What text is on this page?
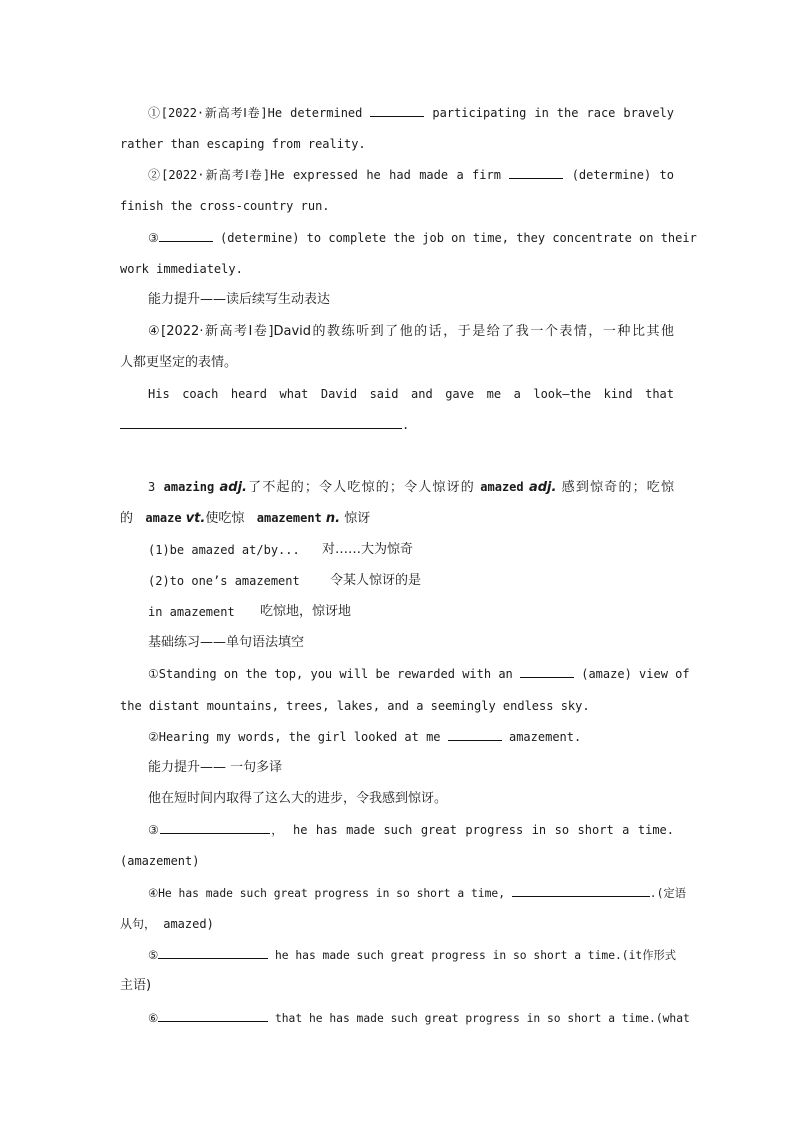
①[2022·新高考Ⅰ卷]He determined	participating in the race bravely
rather than escaping from reality.
②[2022·新高考Ⅰ卷]He expressed he had made a firm	(determine) to
finish the cross-country run.
③	(determine) to complete the job on time, they concentrate on their
work immediately.
能力提升——读后续写生动表达
④[2022·新高考Ⅰ卷]David的教练听到了他的话，于是给了我一个表情，一种比其他
人都更坚定的表情。
His coach heard what David said and gave me a look—the kind that
.
3 amazing adj.了不起的；令人吃惊的；令人惊讶的 amazed adj. 感到惊奇的；吃惊
的 amaze vt.使吃惊 amazement n. 惊讶
(1)be amazed at/by... 对……大为惊奇
(2)to one’s amazement 令某人惊讶的是
in amazement 吃惊地，惊讶地
基础练习——单句语法填空
①Standing on the top, you will be rewarded with an	(amaze) view of
the distant mountains, trees, lakes, and a seemingly endless sky.
②Hearing my words, the girl looked at me	amazement.
能力提升—— 一句多译
他在短时间内取得了这么大的进步，令我感到惊讶。
③	， he has made such great progress in so short a time.
(amazement)
④He has made such great progress in so short a time,	.(定语
从句， amazed)
⑤	he has made such great progress in so short a time.(it作形式
主语)
⑥	that he has made such great progress in so short a time.(what
